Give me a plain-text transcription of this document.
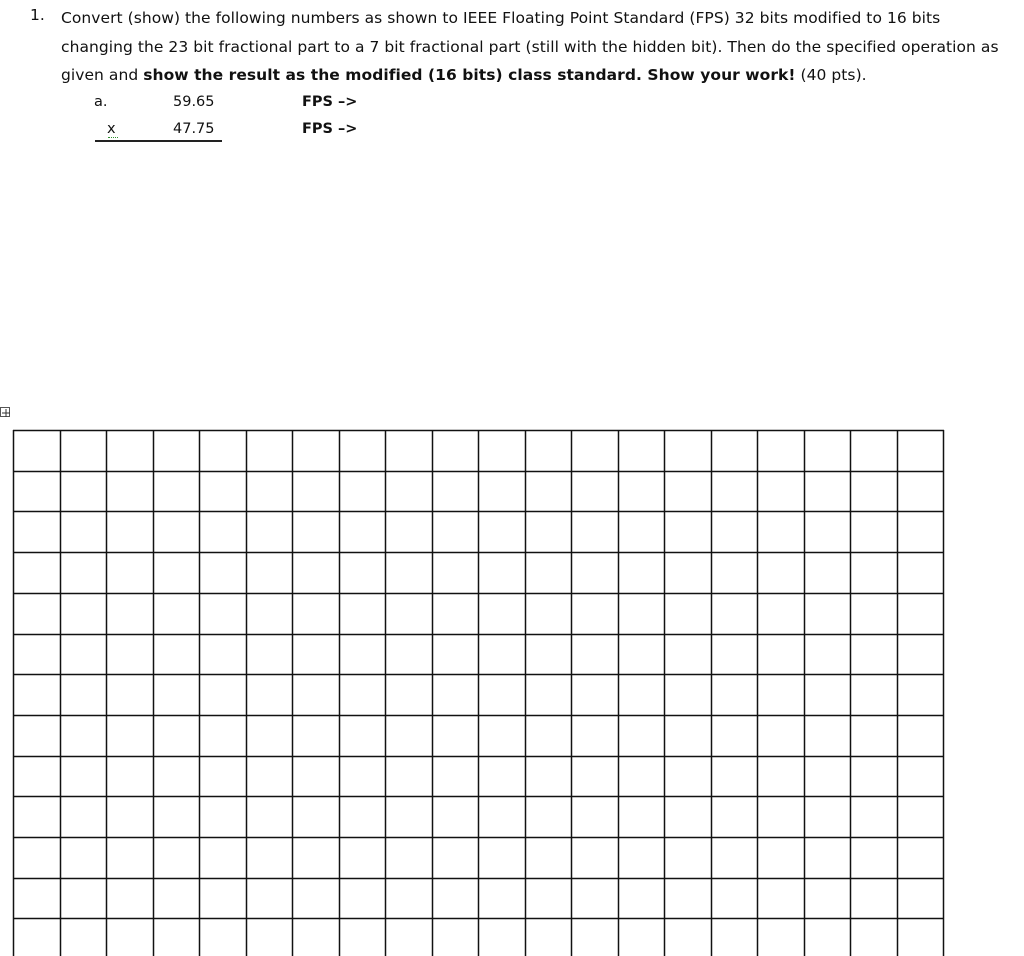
1. Convert (show) the following numbers as shown to IEEE Floating Point Standard (FPS) 32 bits modified to 16 bits changing the 23 bit fractional part to a 7 bit fractional part (still with the hidden bit). Then do the specified operation as given and show the result as the modified (16 bits) class standard. Show your work! (40 pts).
a.	59.65	FPS –>
x	47.75	FPS –>
